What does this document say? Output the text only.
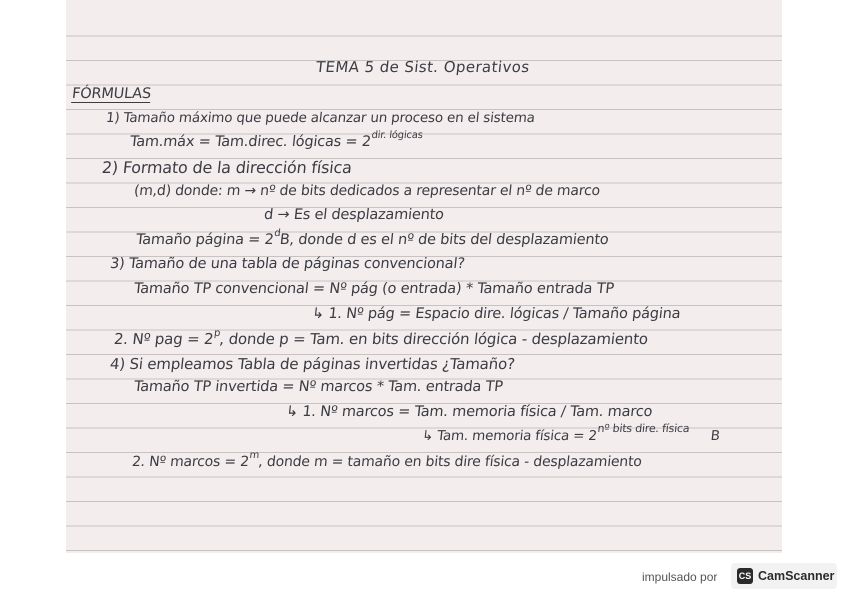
TEMA 5 de Sist. Operativos
FÓRMULAS
1) Tamaño máximo que puede alcanzar un proceso en el sistema
Tam.máx = Tam.direc. lógicas = $2^{dir. lógicas}$
2) Formato de la dirección física
(m,d) donde: m → nº de bits dedicados a representar el nº de marco
d → Es el desplazamiento
Tamaño página = $2^dB$, donde d es el nº de bits del desplazamiento
3) Tamaño de una tabla de páginas convencional?
Tamaño TP convencional = Nº pág (o entrada) * Tamaño entrada TP
↳ 1. Nº pág = Espacio dire. lógicas / Tamaño página
2. Nº pag = $2^p$, donde p = Tam. en bits dirección lógica - desplazamiento
4) Si empleamos Tabla de páginas invertidas ¿Tamaño?
Tamaño TP invertida = Nº marcos * Tam. entrada TP
↳ 1. Nº marcos = Tam. memoria física / Tam. marco
↳ Tam. memoria física = $2^{nº bits dire. física}$ B
2. Nº $marcos = 2^m$, donde m = tamaño en bits dire física - desplazamiento
impulsado por CS CamScanner
